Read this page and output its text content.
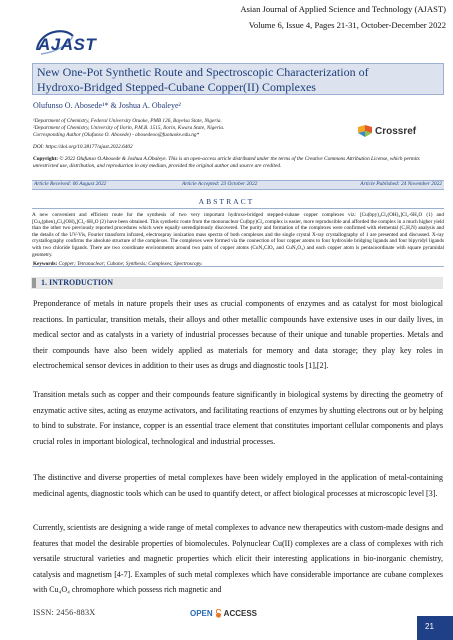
AJAST
Asian Journal of Applied Science and Technology (AJAST)
Volume 6, Issue 4, Pages 21-31, October-December 2022
New One-Pot Synthetic Route and Spectroscopic Characterization of
Hydroxo-Bridged Stepped-Cubane Copper(II) Complexes
Olufunso O. Abosede¹* & Joshua A. Obaleye²
¹Department of Chemistry, Federal University Otuoke, PMB 126, Bayelsa State, Nigeria.
²Department of Chemistry, University of Ilorin, P.M.B. 1515, Ilorin, Kwara State, Nigeria.
Corresponding Author (Olufunso O. Abosede) - abosedeoo@fuotuoke.edu.ng*	Crossref
DOI: https://doi.org/10.38177/ajast.2022.6402
Copyright: © 2022 Olufunso O.Abosede & Joshua A.Obaleye. This is an open-access article distributed under the terms of the Creative Commons Attribution License, which permits unrestricted use, distribution, and reproduction in any medium, provided the original author and source are credited.
Article Received: 06 August 2022	Article Accepted: 23 October 2022	Article Published: 24 November 2022
ABSTRACT

A new convenient and efficient route for the synthesis of two very important hydroxo-bridged stepped-cubane copper complexes viz: [Cu(bpy)₄Cl₂(OH)₄]Cl₂·6H₂O (1) and [Cu₄(phen)₄Cl₂(OH)₄]Cl₂·6H₂O (2) have been obtained. This synthetic route from the mononuclear Cu(bpy)Cl₂ complex is easier, more reproducible and afforded the complex in a much higher yield than the other two previously reported procedures which were equally serendipitously discovered. The purity and formation of the complexes were confirmed with elemental (C,H,N) analysis and the details of the UV-Vis, Fourier transform infrared, electrospray ionization mass spectra of both complexes and the single crystal X-ray crystallography of 1 are presented and discussed. X-ray crystallography confirms the absolute structure of the complexes. The complexes were formed via the connection of four copper atoms to four hydroxide bridging ligands and four bipyridyl ligands with two chloride ligands. There are two coordinate environments around two pairs of copper atoms (CuN₂ClO₃ and CuN₂O₃) and each copper atom is pentacoordinate with square pyramidal geometry.

Keywords: Copper; Tetranuclear; Cubane; Synthesis; Complexes; Spectroscopy.
1. INTRODUCTION

Preponderance of metals in nature propels their uses as crucial components of enzymes and as catalyst for most biological reactions. In particular, transition metals, their alloys and other metallic compounds have extensive uses in our daily lives, in medical sector and as catalysts in a variety of industrial processes because of their unique and tunable properties. Metals and their compounds have also been widely applied as materials for memory and data storage; they play key roles in electrochemical sensor devices in addition to their uses as drugs and diagnostic tools [1],[2].

Transition metals such as copper and their compounds feature significantly in biological systems by directing the geometry of enzymatic active sites, acting as enzyme activators, and facilitating reactions of enzymes by shutting electrons out or by helping to bind to substrate. For instance, copper is an essential trace element that constitutes important cellular components and plays crucial roles in important biological, technological and industrial processes.

The distinctive and diverse properties of metal complexes have been widely employed in the application of metal-containing medicinal agents, diagnostic tools which can be used to quantify detect, or affect biological processes at microscopic level [3].

Currently, scientists are designing a wide range of metal complexes to advance new therapeutics with custom-made designs and features that model the desirable properties of biomolecules. Polynuclear Cu(II) complexes are a class of complexes with rich versatile structural varieties and magnetic properties which elicit their interesting applications in bio-inorganic chemistry, catalysis and magnetism [4-7]. Examples of such metal complexes which have considerable importance are cubane complexes with Cu₄O₄ chromophore which possess rich magnetic and

ISSN: 2456-883X	OPEN ACCESS
21
